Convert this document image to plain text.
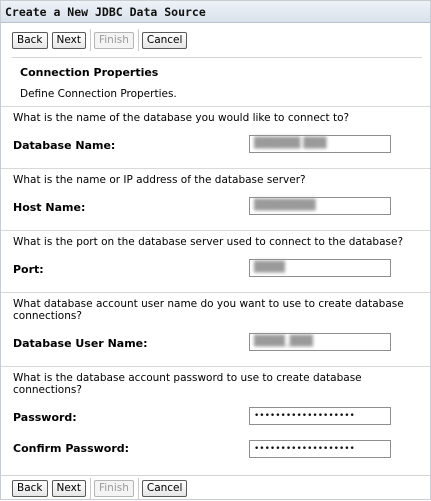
Create a New JDBC Data Source
Back	Next	Finish	Cancel
Connection Properties
Define Connection Properties.
What is the name of the database you would like to connect to?
Database Name:	██████ ███
What is the name or IP address of the database server?
Host Name:	████████
What is the port on the database server used to connect to the database?
Port:	████
What database account user name do you want to use to create database connections?
Database User Name:	████_███
What is the database account password to use to create database connections?
Password:	•••••••••••••••••••
Confirm Password:	•••••••••••••••••••
Back	Next	Finish	Cancel
